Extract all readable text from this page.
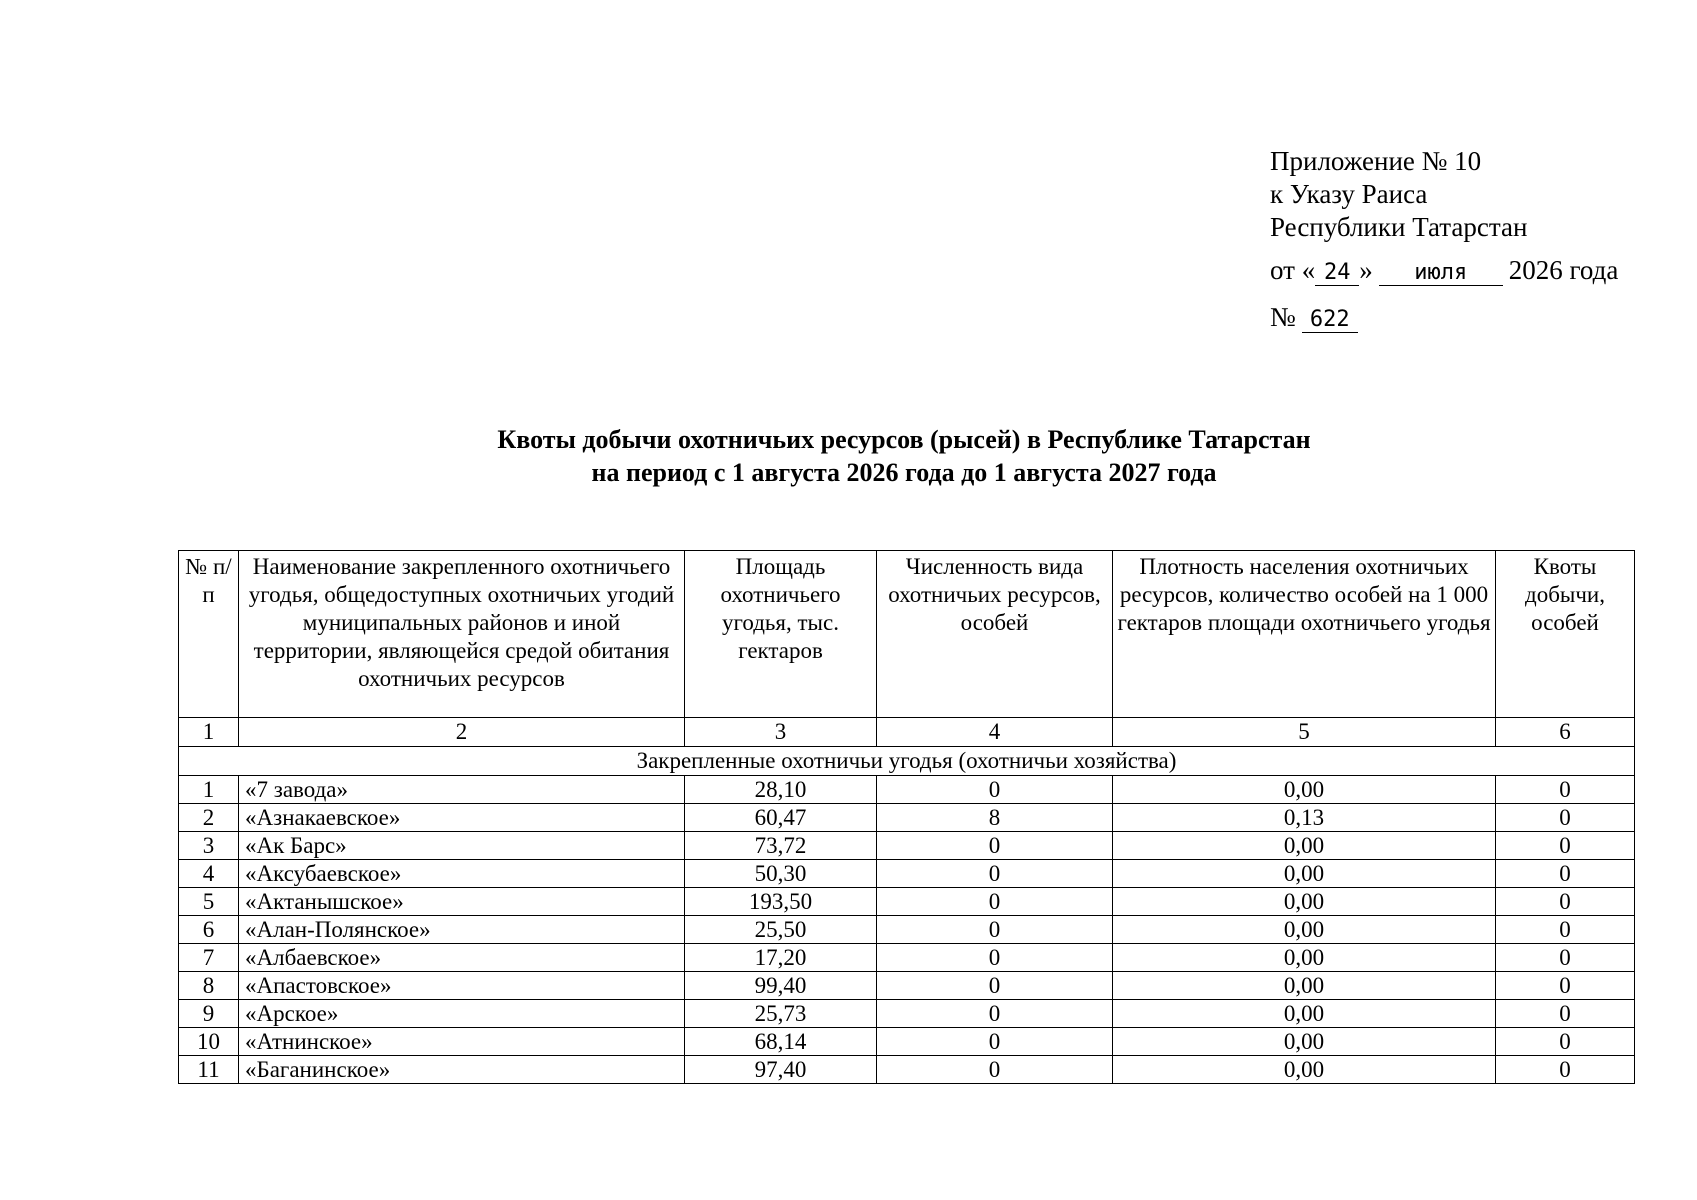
Приложение № 10
к Указу Раиса
Республики Татарстан
от « 24 » июля 2026 года
№ 622
Квоты добычи охотничьих ресурсов (рысей) в Республике Татарстан
на период с 1 августа 2026 года до 1 августа 2027 года
№ п/п	Наименование закрепленного охотничьего угодья, общедоступных охотничьих угодий муниципальных районов и иной территории, являющейся средой обитания охотничьих ресурсов	Площадь охотничьего угодья, тыс. гектаров	Численность вида охотничьих ресурсов, особей	Плотность населения охотничьих ресурсов, количество особей на 1 000 гектаров площади охотничьего угодья	Квоты добычи, особей
1	2	3	4	5	6
Закрепленные охотничьи угодья (охотничьи хозяйства)					
1	«7 завода»	28,10	0	0,00	0
2	«Азнакаевское»	60,47	8	0,13	0
3	«Ак Барс»	73,72	0	0,00	0
4	«Аксубаевское»	50,30	0	0,00	0
5	«Актанышское»	193,50	0	0,00	0
6	«Алан-Полянское»	25,50	0	0,00	0
7	«Албаевское»	17,20	0	0,00	0
8	«Апастовское»	99,40	0	0,00	0
9	«Арское»	25,73	0	0,00	0
10	«Атнинское»	68,14	0	0,00	0
11	«Баганинское»	97,40	0	0,00	0
